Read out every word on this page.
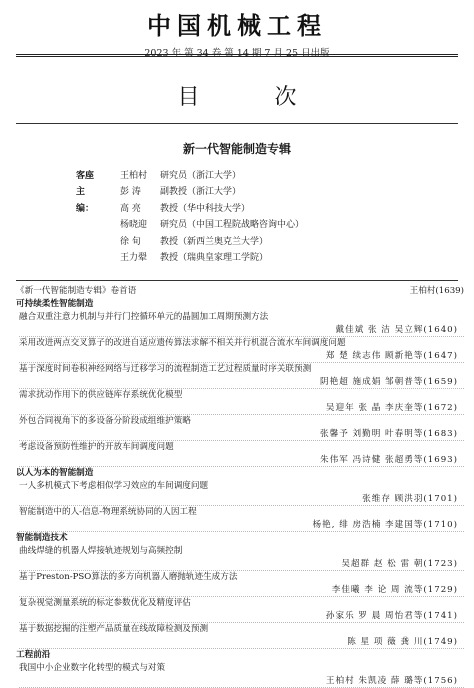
中国机械工程
2023 年 第 34 卷 第 14 期 7 月 25 日出版
目 次
新一代智能制造专辑
客座主编：
王柏村 研究员（浙江大学）
彭 涛 副教授（浙江大学）
高 亮 教授（华中科技大学）
杨晓迎 研究员（中国工程院战略咨询中心）
徐 旬 教授（新西兰奥克兰大学）
王力翚 教授（瑞典皇家理工学院）
《新一代智能制造专辑》卷首语	王柏村(1639)
可持续柔性智能制造
融合双重注意力机制与并行门控循环单元的晶圆加工周期预测方法
戴佳斌 张 洁 吴立辉(1640)
采用改进两点交叉算子的改进自适应遗传算法求解不相关并行机混合流水车间调度问题
郑 楚 续志伟 顾新艳等(1647)
基于深度时间卷积神经网络与迁移学习的流程制造工艺过程质量时序关联预测
阴艳超 施成娟 邹朝普等(1659)
需求扰动作用下的供应链库存系统优化模型
吴迎年 张 晶 李庆奎等(1672)
外包合同视角下的多设备分阶段成组维护策略
张馨予 刘勤明 叶春明等(1683)
考虑设备预防性维护的开放车间调度问题
朱伟军 冯诗健 张超勇等(1693)
以人为本的智能制造
一人多机模式下考虑相似学习效应的车间调度问题
张维存 顾洪羽(1701)
智能制造中的人-信息-物理系统协同的人因工程
杨艳, 绯 房浩楠 李建国等(1710)
智能制造技术
曲线焊缝的机器人焊接轨迹规划与高频控制
吴超群 赵 松 雷 朝(1723)
基于Preston-PSO算法的多方向机器人磨抛轨迹生成方法
李佳曦 李 论 周 流等(1729)
复杂视觉测量系统的标定参数优化及精度评估
孙家乐 罗 晨 周怡君等(1741)
基于数据挖掘的注塑产品质量在线故障检测及预测
陈 星 项 薇 龚 川(1749)
工程前沿
我国中小企业数字化转型的模式与对策
王柏村 朱凯凌 薛 璐等(1756)
